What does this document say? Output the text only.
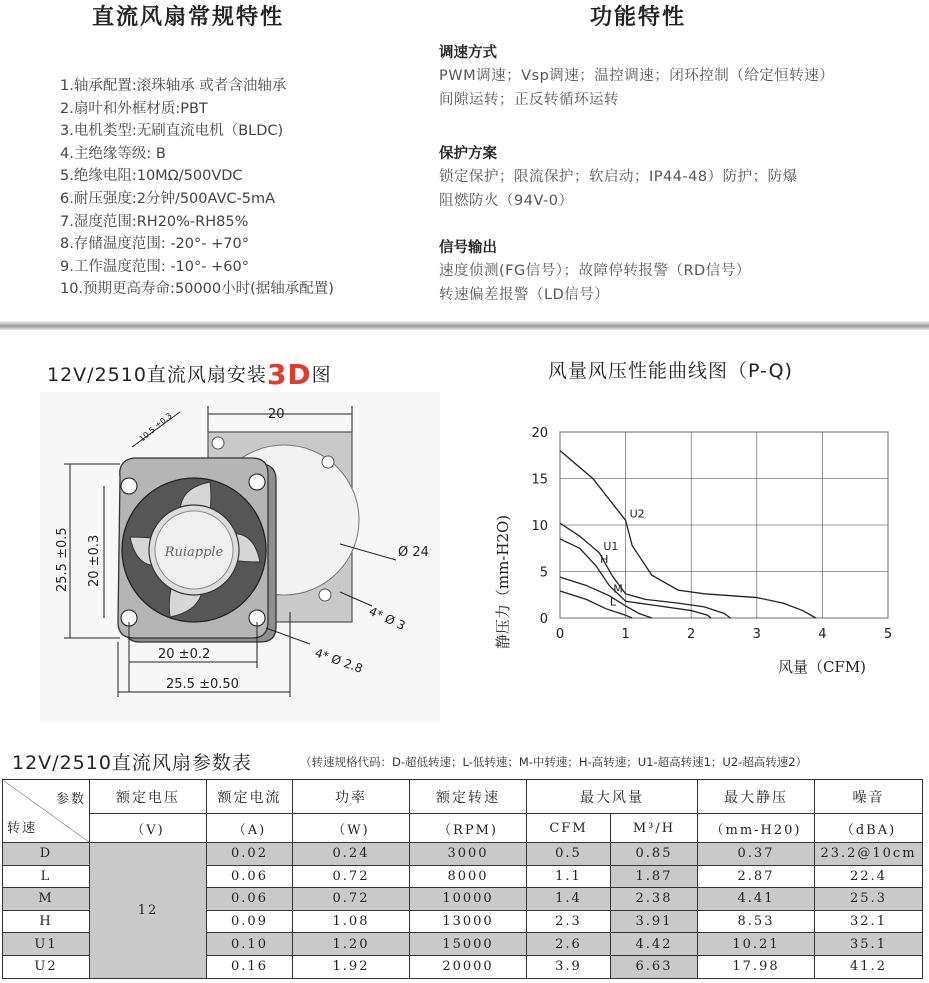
直流风扇常规特性
1.轴承配置:滚珠轴承 或者含油轴承
2.扇叶和外框材质:PBT
3.电机类型:无刷直流电机（BLDC)
4.主绝缘等级: B
5.绝缘电阻:10MΩ/500VDC
6.耐压强度:2分钟/500AVC-5mA
7.湿度范围:RH20%-RH85%
8.存储温度范围: -20°- +70°
9.工作温度范围: -10°- +60°
10.预期更高寿命:50000小时(据轴承配置)
功能特性
调速方式
PWM调速；Vsp调速；温控调速；闭环控制（给定恒转速）
间隙运转；正反转循环运转
保护方案
锁定保护；限流保护；软启动；IP44-48）防护；防爆
阻燃防火（94V-0）
信号输出
速度侦测(FG信号）；故障停转报警（RD信号）
转速偏差报警（LD信号）
12V/2510直流风扇安装3D图
Ruiapple
20
10.5 ±0.3
25.5 ±0.5 20 ±0.3	Ø 24
4* Ø 3
4* Ø 2.8
20 ±0.2
25.5 ±0.50
风量风压性能曲线图（P-Q)
0	1	2	3	4	5
0
5
10
15
20
U2
U1
H
M
L
风量（CFM)
静压力（mm-H2O)
12V/2510直流风扇参数表	（转速规格代码：D-超低转速；L-低转速；M-中转速；H-高转速；U1-超高转速1；U2-超高转速2）
参数
转速	额定电压	额定电流	功率	额定转速	最大风量		最大静压	噪音
	（V)	（A)	（W)	（RPM)	CFM	M³/H	（mm-H20)	（dBA)
D	12	0.02	0.24	3000	0.5	0.85	0.37	23.2@10cm
L		0.06	0.72	8000	1.1	1.87	2.87	22.4
M		0.06	0.72	10000	1.4	2.38	4.41	25.3
H		0.09	1.08	13000	2.3	3.91	8.53	32.1
U1		0.10	1.20	15000	2.6	4.42	10.21	35.1
U2		0.16	1.92	20000	3.9	6.63	17.98	41.2
